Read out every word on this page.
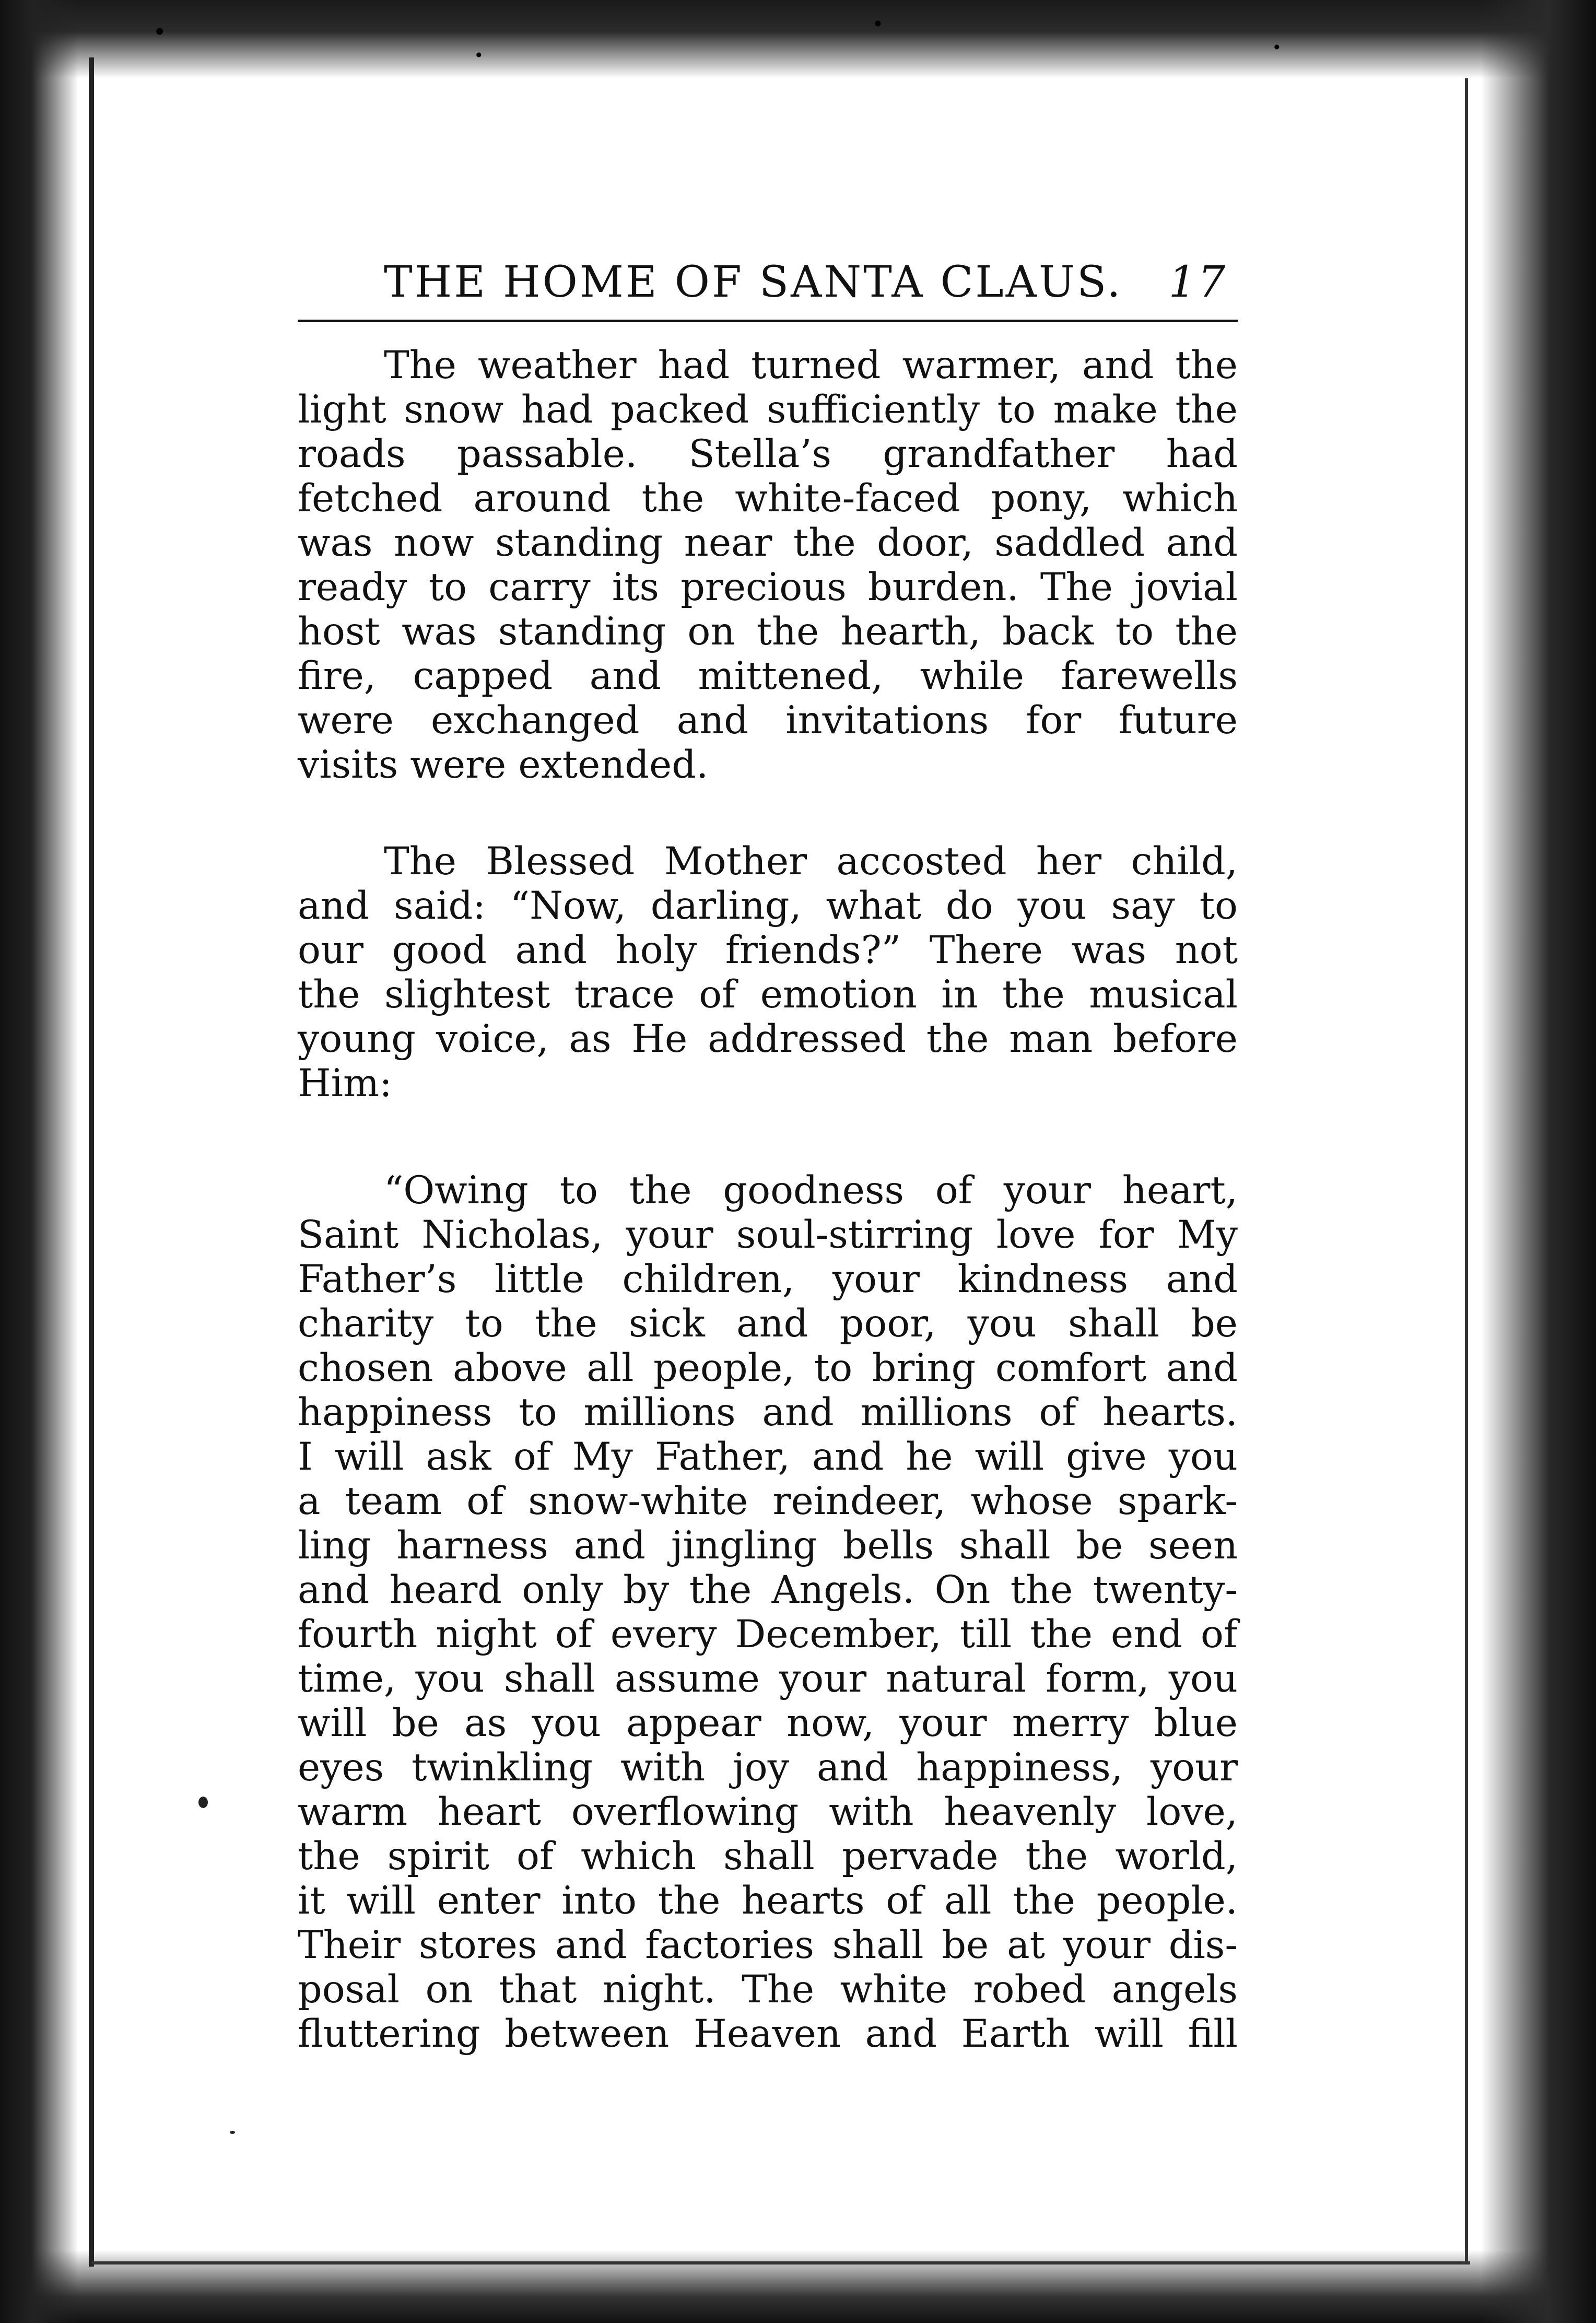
THE HOME OF SANTA CLAUS. 17
The weather had turned warmer, and the
light snow had packed sufficiently to make the
roads passable. Stella’s grandfather had
fetched around the white-faced pony, which
was now standing near the door, saddled and
ready to carry its precious burden. The jovial
host was standing on the hearth, back to the
fire, capped and mittened, while farewells
were exchanged and invitations for future
visits were extended.
The Blessed Mother accosted her child,
and said: “Now, darling, what do you say to
our good and holy friends?” There was not
the slightest trace of emotion in the musical
young voice, as He addressed the man before
Him:
“Owing to the goodness of your heart,
Saint Nicholas, your soul-stirring love for My
Father’s little children, your kindness and
charity to the sick and poor, you shall be
chosen above all people, to bring comfort and
happiness to millions and millions of hearts.
I will ask of My Father, and he will give you
a team of snow-white reindeer, whose spark-
ling harness and jingling bells shall be seen
and heard only by the Angels. On the twenty-
fourth night of every December, till the end of
time, you shall assume your natural form, you
will be as you appear now, your merry blue
eyes twinkling with joy and happiness, your
warm heart overflowing with heavenly love,
the spirit of which shall pervade the world,
it will enter into the hearts of all the people.
Their stores and factories shall be at your dis-
posal on that night. The white robed angels
fluttering between Heaven and Earth will fill
